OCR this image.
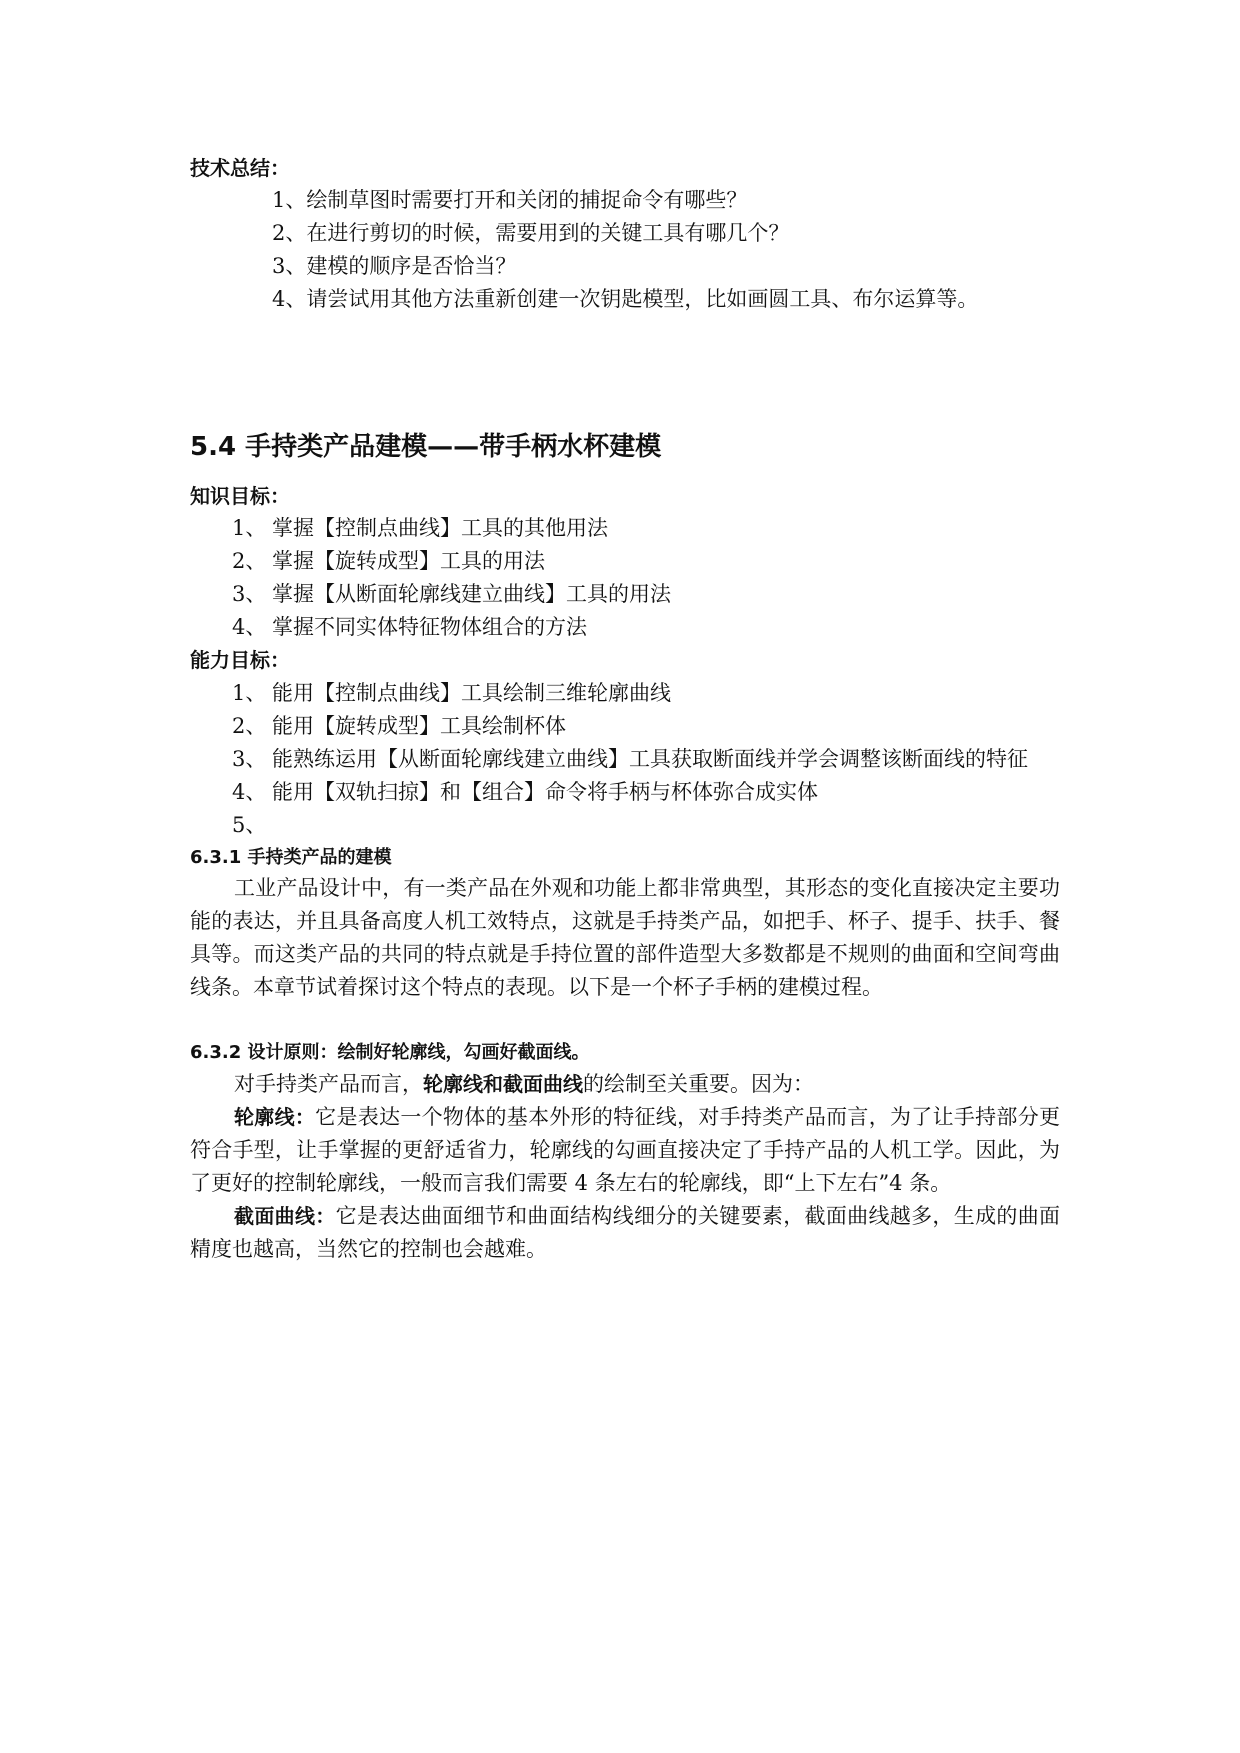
技术总结：
1、绘制草图时需要打开和关闭的捕捉命令有哪些？
2、在进行剪切的时候，需要用到的关键工具有哪几个？
3、建模的顺序是否恰当？
4、请尝试用其他方法重新创建一次钥匙模型，比如画圆工具、布尔运算等。
5.4 手持类产品建模——带手柄水杯建模
知识目标：
1、 掌握【控制点曲线】工具的其他用法
2、 掌握【旋转成型】工具的用法
3、 掌握【从断面轮廓线建立曲线】工具的用法
4、 掌握不同实体特征物体组合的方法
能力目标：
1、 能用【控制点曲线】工具绘制三维轮廓曲线
2、 能用【旋转成型】工具绘制杯体
3、 能熟练运用【从断面轮廓线建立曲线】工具获取断面线并学会调整该断面线的特征
4、 能用【双轨扫掠】和【组合】命令将手柄与杯体弥合成实体
5、
6.3.1 手持类产品的建模
工业产品设计中，有一类产品在外观和功能上都非常典型，其形态的变化直接决定主要功能的表达，并且具备高度人机工效特点，这就是手持类产品，如把手、杯子、提手、扶手、餐具等。而这类产品的共同的特点就是手持位置的部件造型大多数都是不规则的曲面和空间弯曲线条。本章节试着探讨这个特点的表现。以下是一个杯子手柄的建模过程。
6.3.2 设计原则：绘制好轮廓线，勾画好截面线。
对手持类产品而言，轮廓线和截面曲线的绘制至关重要。因为：
轮廓线：它是表达一个物体的基本外形的特征线，对手持类产品而言，为了让手持部分更符合手型，让手掌握的更舒适省力，轮廓线的勾画直接决定了手持产品的人机工学。因此，为了更好的控制轮廓线，一般而言我们需要 4 条左右的轮廓线，即“上下左右”4 条。
截面曲线：它是表达曲面细节和曲面结构线细分的关键要素，截面曲线越多，生成的曲面精度也越高，当然它的控制也会越难。
